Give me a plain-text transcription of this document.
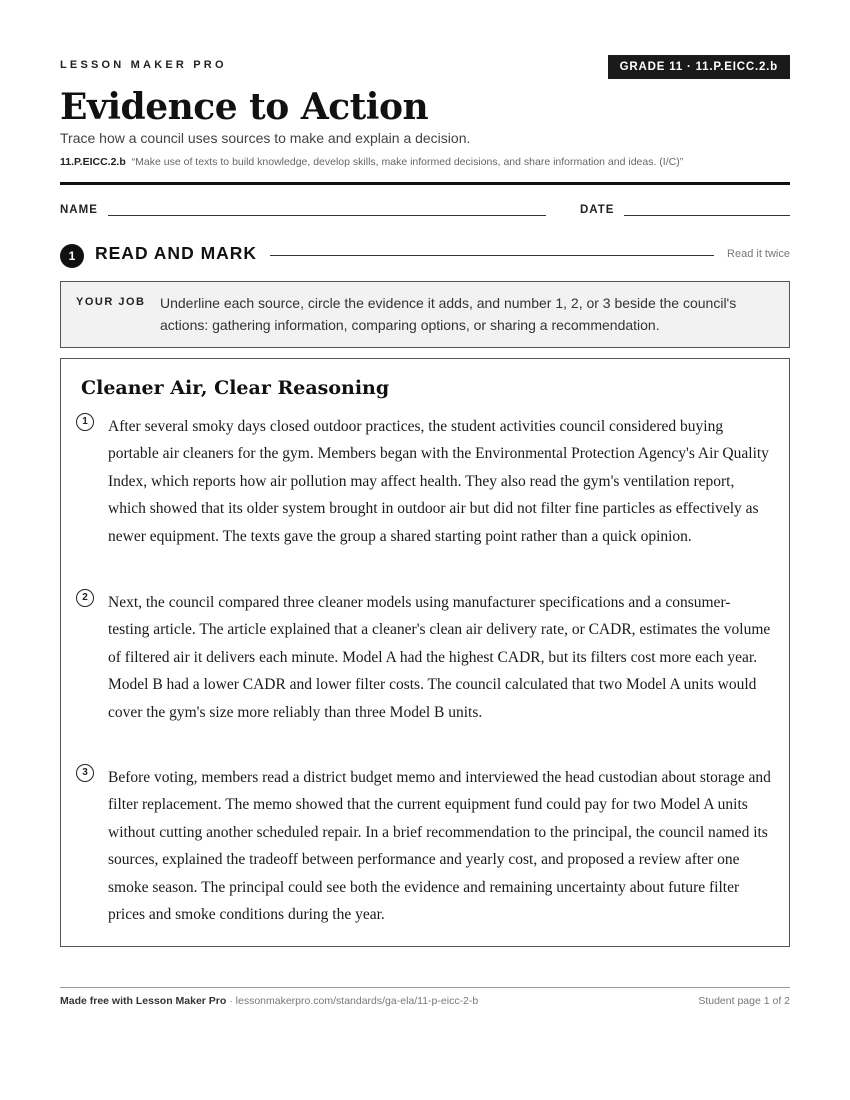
LESSON MAKER PRO	GRADE 11 · 11.P.EICC.2.b
Evidence to Action
Trace how a council uses sources to make and explain a decision.
11.P.EICC.2.b “Make use of texts to build knowledge, develop skills, make informed decisions, and share information and ideas. (I/C)”
NAME	DATE
1	READ AND MARK	Read it twice
YOUR JOB Underline each source, circle the evidence it adds, and number 1, 2, or 3 beside the council's actions: gathering information, comparing options, or sharing a recommendation.
Cleaner Air, Clear Reasoning
1	After several smoky days closed outdoor practices, the student activities council considered buying portable air cleaners for the gym. Members began with the Environmental Protection Agency's Air Quality Index, which reports how air pollution may affect health. They also read the gym's ventilation report, which showed that its older system brought in outdoor air but did not filter fine particles as effectively as newer equipment. The texts gave the group a shared starting point rather than a quick opinion.

2	Next, the council compared three cleaner models using manufacturer specifications and a consumer-testing article. The article explained that a cleaner's clean air delivery rate, or CADR, estimates the volume of filtered air it delivers each minute. Model A had the highest CADR, but its filters cost more each year. Model B had a lower CADR and lower filter costs. The council calculated that two Model A units would cover the gym's size more reliably than three Model B units.

3	Before voting, members read a district budget memo and interviewed the head custodian about storage and filter replacement. The memo showed that the current equipment fund could pay for two Model A units without cutting another scheduled repair. In a brief recommendation to the principal, the council named its sources, explained the tradeoff between performance and yearly cost, and proposed a review after one smoke season. The principal could see both the evidence and remaining uncertainty about future filter prices and smoke conditions during the year.

Made free with Lesson Maker Pro · lessonmakerpro.com/standards/ga-ela/11-p-eicc-2-b	Student page 1 of 2
